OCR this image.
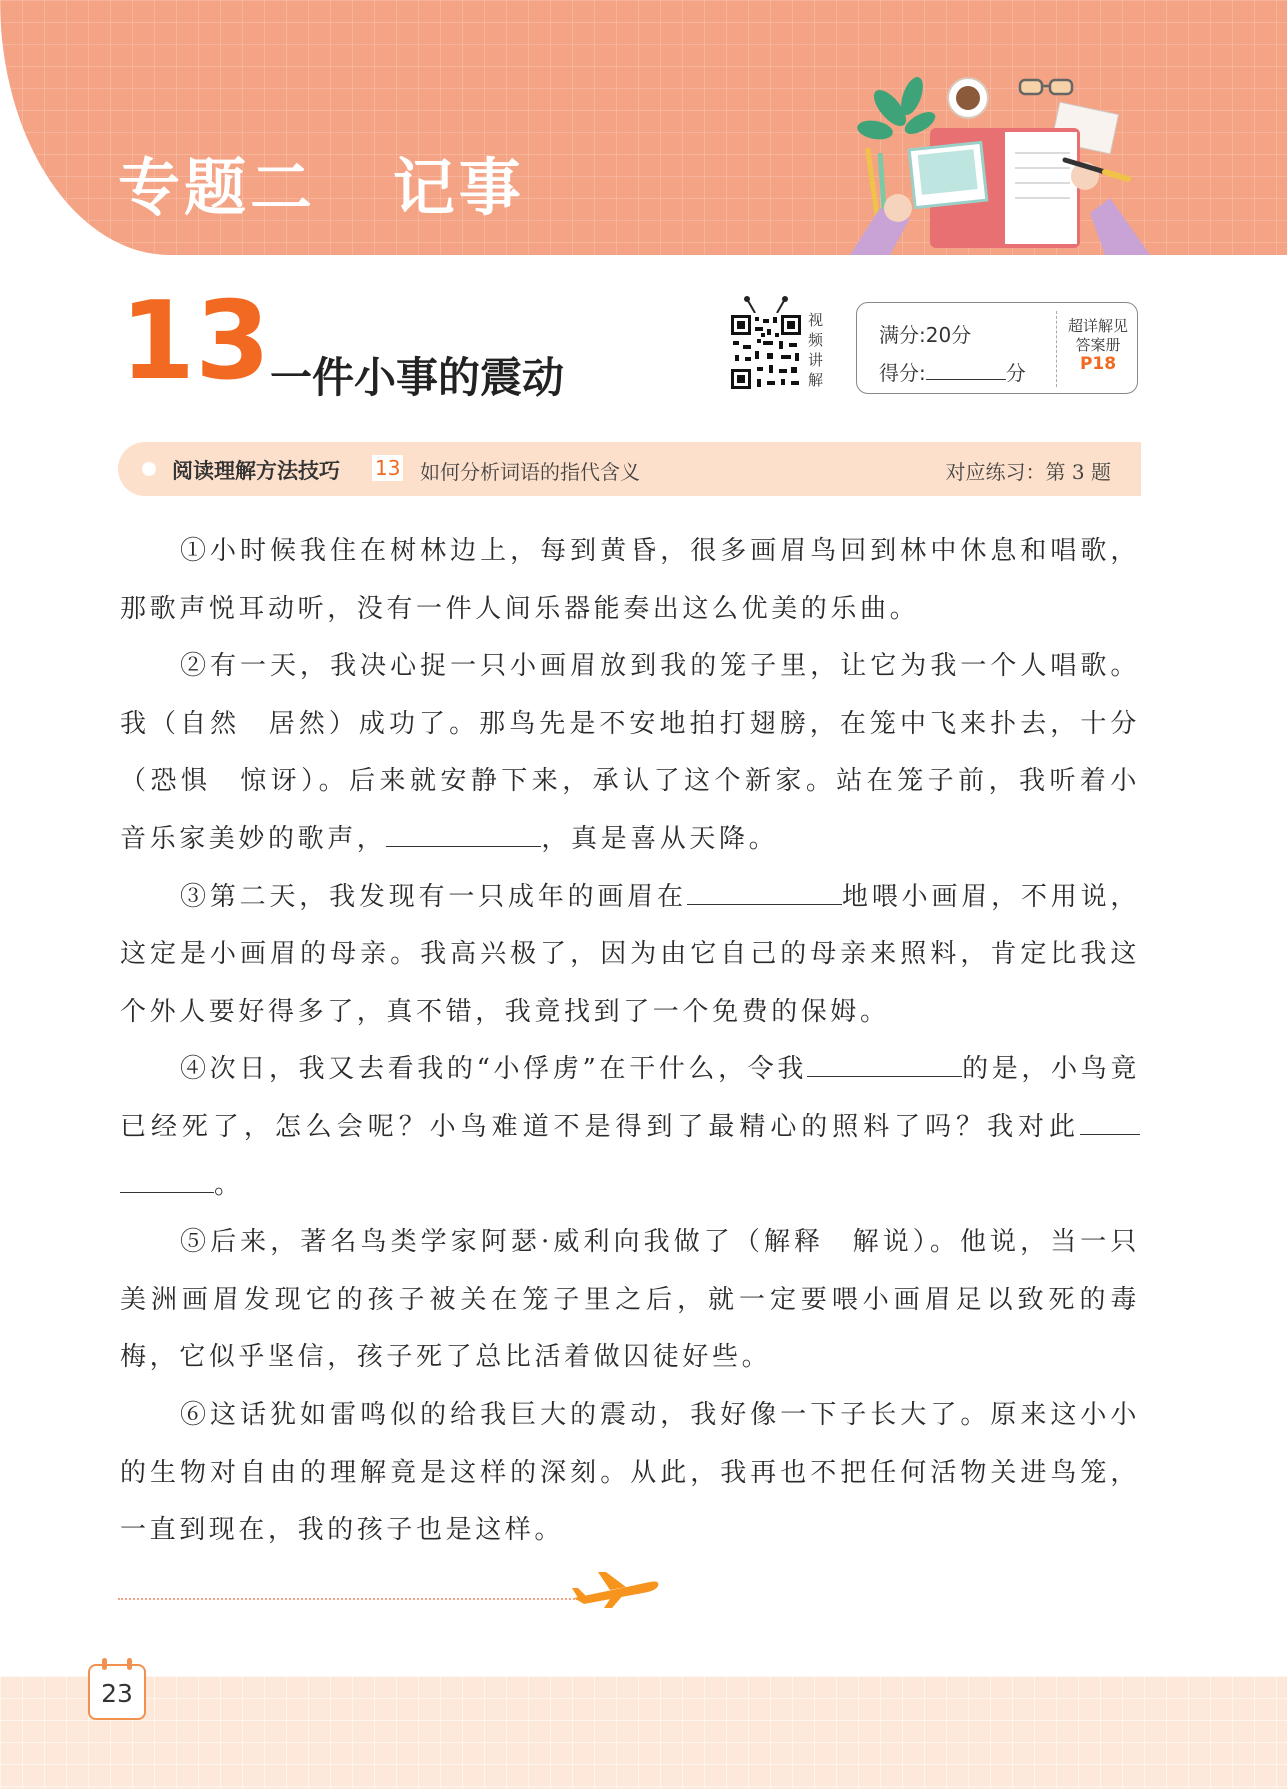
专题二   记事
13 一件小事的震动
视
频
讲
解
满分:20分
得分:	分
超详解见
答案册
P18
阅读理解方法技巧 13 如何分析词语的指代含义	对应练习：第 3 题

①小时候我住在树林边上，每到黄昏，很多画眉鸟回到林中休息和唱歌，那歌声悦耳动听，没有一件人间乐器能奏出这么优美的乐曲。

②有一天，我决心捉一只小画眉放到我的笼子里，让它为我一个人唱歌。我（自然 居然）成功了。那鸟先是不安地拍打翅膀，在笼中飞来扑去，十分（恐惧 惊讶）。后来就安静下来，承认了这个新家。站在笼子前，我听着小音乐家美妙的歌声，	，真是喜从天降。

③第二天，我发现有一只成年的画眉在	地喂小画眉，不用说，这定是小画眉的母亲。我高兴极了，因为由它自己的母亲来照料，肯定比我这个外人要好得多了，真不错，我竟找到了一个免费的保姆。

④次日，我又去看我的“小俘虏”在干什么，令我	的是，小鸟竟已经死了，怎么会呢？小鸟难道不是得到了最精心的照料了吗？我对此。

⑤后来，著名鸟类学家阿瑟·威利向我做了（解释 解说）。他说，当一只美洲画眉发现它的孩子被关在笼子里之后，就一定要喂小画眉足以致死的毒梅，它似乎坚信，孩子死了总比活着做囚徒好些。

⑥这话犹如雷鸣似的给我巨大的震动，我好像一下子长大了。原来这小小的生物对自由的理解竟是这样的深刻。从此，我再也不把任何活物关进鸟笼，一直到现在，我的孩子也是这样。

23
